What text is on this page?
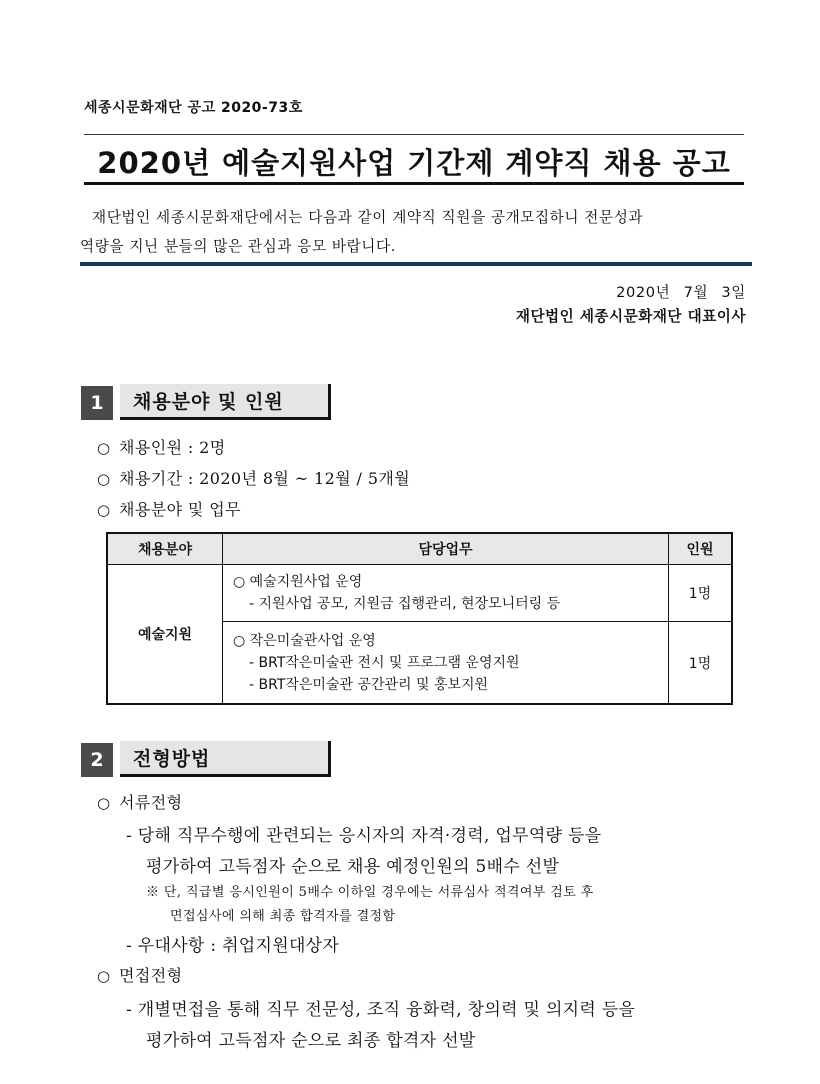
세종시문화재단 공고 2020-73호
2020년 예술지원사업 기간제 계약직 채용 공고
재단법인 세종시문화재단에서는 다음과 같이 계약직 직원을 공개모집하니 전문성과
역량을 지닌 분들의 많은 관심과 응모 바랍니다.
2020년 7월 3일
재단법인 세종시문화재단 대표이사
1	채용분야 및 인원
○ 채용인원 : 2명
○ 채용기간 : 2020년 8월 ~ 12월 / 5개월
○ 채용분야 및 업무
채용분야	담당업무	인원
예술지원	○ 예술지원사업 운영
- 지원사업 공모, 지원금 집행관리, 현장모니터링 등	1명

	○ 작은미술관사업 운영
- BRT작은미술관 전시 및 프로그램 운영지원
- BRT작은미술관 공간관리 및 홍보지원	1명
2	전형방법
○ 서류전형
- 당해 직무수행에 관련되는 응시자의 자격·경력, 업무역량 등을
평가하여 고득점자 순으로 채용 예정인원의 5배수 선발
※ 단, 직급별 응시인원이 5배수 이하일 경우에는 서류심사 적격여부 검토 후
면접심사에 의해 최종 합격자를 결정함
- 우대사항 : 취업지원대상자
○ 면접전형
- 개별면접을 통해 직무 전문성, 조직 융화력, 창의력 및 의지력 등을
평가하여 고득점자 순으로 최종 합격자 선발
